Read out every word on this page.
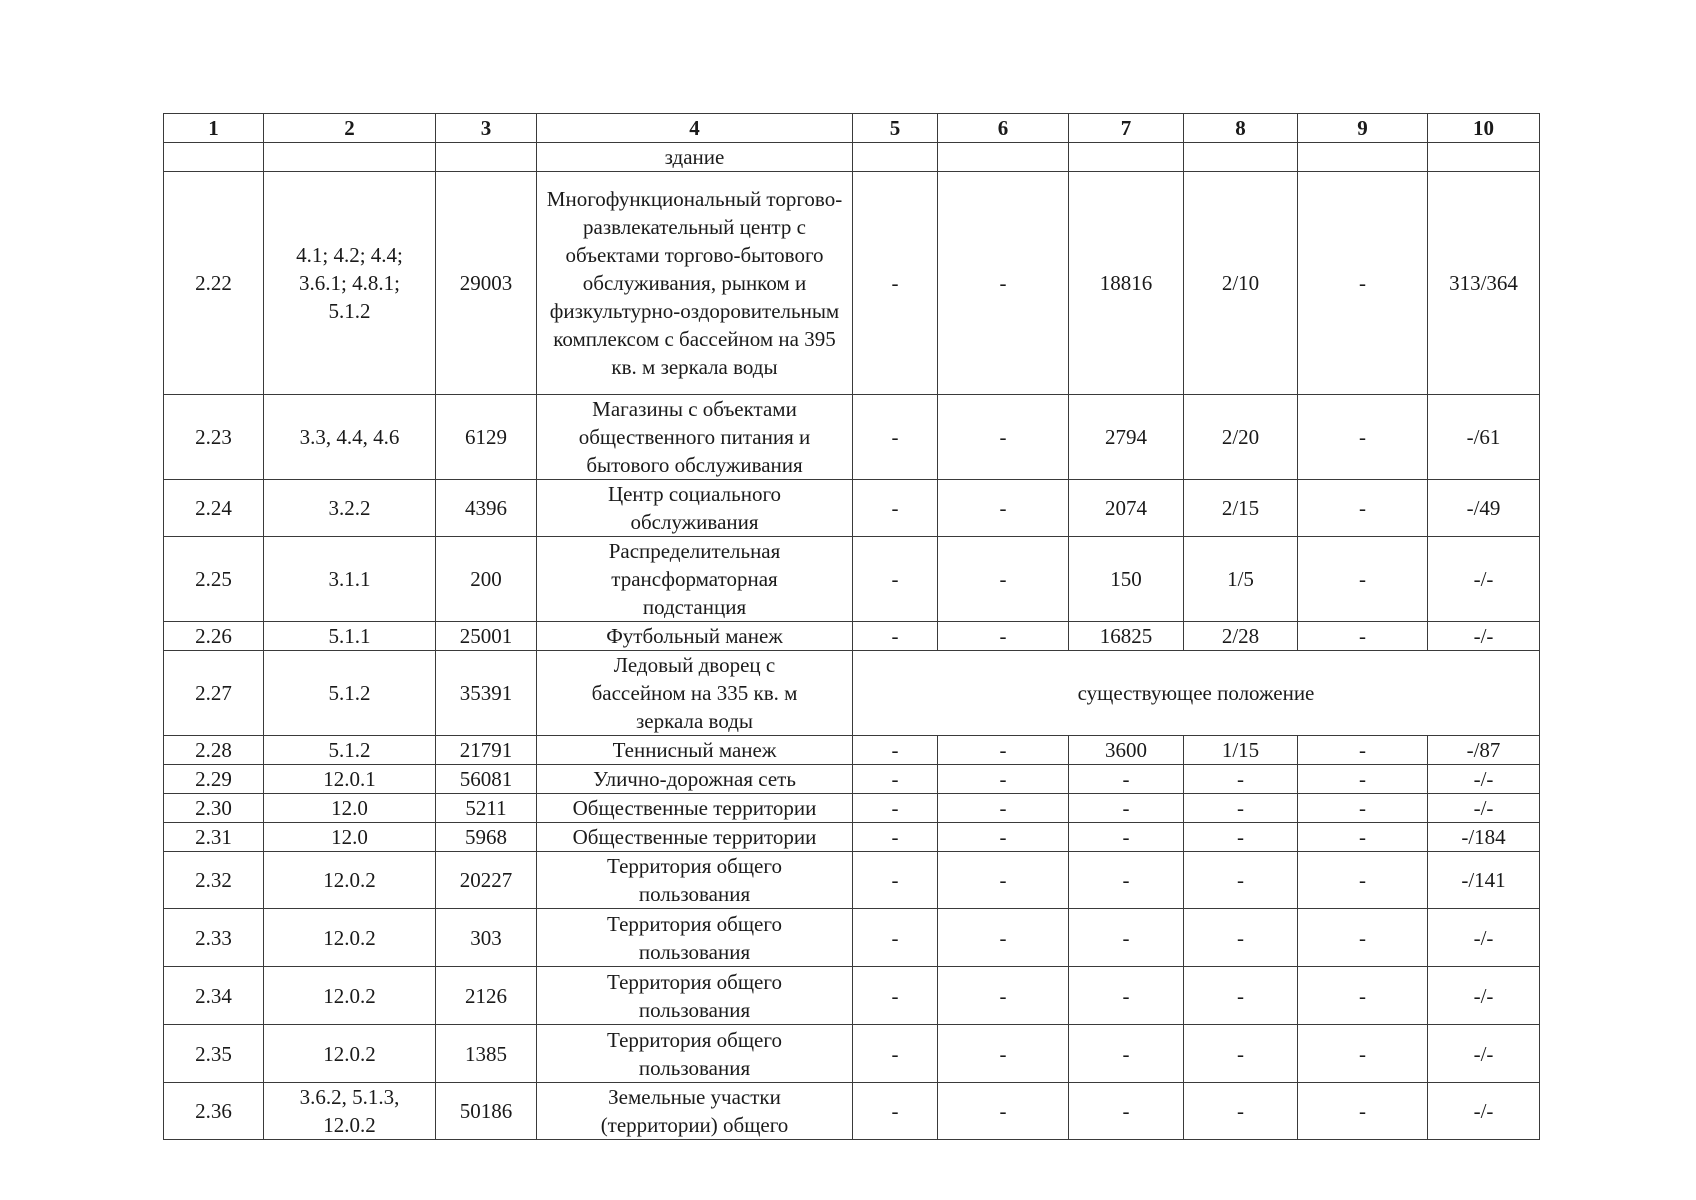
1	2	3	4	5	6	7	8	9	10
			здание						
2.22	4.1; 4.2; 4.4; 3.6.1; 4.8.1; 5.1.2	29003	Многофункциональный торгово-развлекательный центр с объектами торгово-бытового обслуживания, рынком и физкультурно-оздоровительным комплексом с бассейном на 395 кв. м зеркала воды	-	-	18816	2/10	-	313/364
2.23	3.3, 4.4, 4.6	6129	Магазины с объектами общественного питания и бытового обслуживания	-	-	2794	2/20	-	-/61
2.24	3.2.2	4396	Центр социального обслуживания	-	-	2074	2/15	-	-/49
2.25	3.1.1	200	Распределительная трансформаторная подстанция	-	-	150	1/5	-	-/-
2.26	5.1.1	25001	Футбольный манеж	-	-	16825	2/28	-	-/-
2.27	5.1.2	35391	Ледовый дворец с бассейном на 335 кв. м зеркала воды	существующее положение					
2.28	5.1.2	21791	Теннисный манеж	-	-	3600	1/15	-	-/87
2.29	12.0.1	56081	Улично-дорожная сеть	-	-	-	-	-	-/-
2.30	12.0	5211	Общественные территории	-	-	-	-	-	-/-
2.31	12.0	5968	Общественные территории	-	-	-	-	-	-/184
2.32	12.0.2	20227	Территория общего пользования	-	-	-	-	-	-/141
2.33	12.0.2	303	Территория общего пользования	-	-	-	-	-	-/-
2.34	12.0.2	2126	Территория общего пользования	-	-	-	-	-	-/-
2.35	12.0.2	1385	Территория общего пользования	-	-	-	-	-	-/-
2.36	3.6.2, 5.1.3, 12.0.2	50186	Земельные участки (территории) общего	-	-	-	-	-	-/-
